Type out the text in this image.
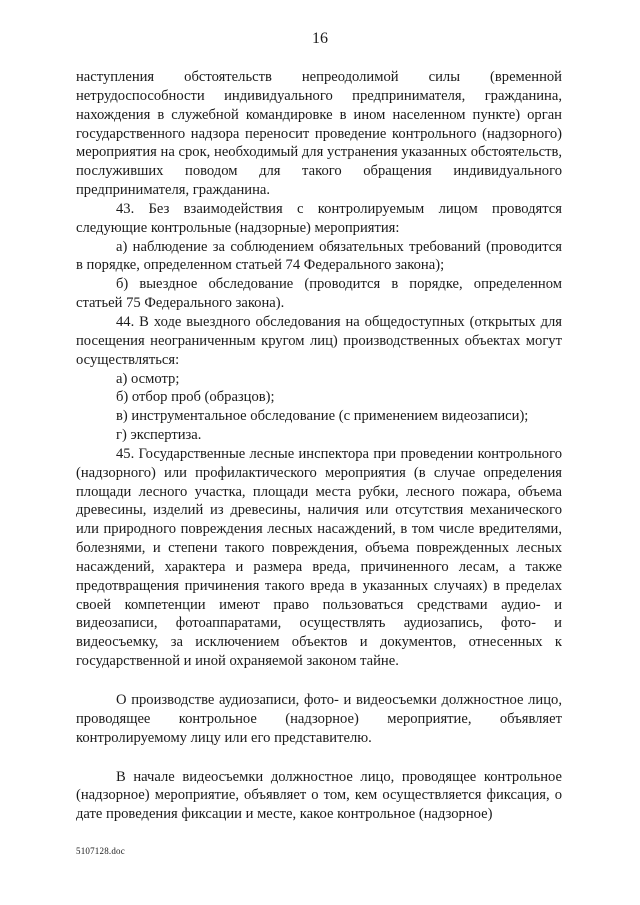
16

наступления обстоятельств непреодолимой силы (временной нетрудоспособности индивидуального предпринимателя, гражданина, нахождения в служебной командировке в ином населенном пункте) орган государственного надзора переносит проведение контрольного (надзорного) мероприятия на срок, необходимый для устранения указанных обстоятельств, послуживших поводом для такого обращения индивидуального предпринимателя, гражданина.

43. Без взаимодействия с контролируемым лицом проводятся следующие контрольные (надзорные) мероприятия:

а) наблюдение за соблюдением обязательных требований (проводится в порядке, определенном статьей 74 Федерального закона);

б) выездное обследование (проводится в порядке, определенном статьей 75 Федерального закона).

44. В ходе выездного обследования на общедоступных (открытых для посещения неограниченным кругом лиц) производственных объектах могут осуществляться:

а) осмотр;

б) отбор проб (образцов);

в) инструментальное обследование (с применением видеозаписи);

г) экспертиза.

45. Государственные лесные инспектора при проведении контрольного (надзорного) или профилактического мероприятия (в случае определения площади лесного участка, площади места рубки, лесного пожара, объема древесины, изделий из древесины, наличия или отсутствия механического или природного повреждения лесных насаждений, в том числе вредителями, болезнями, и степени такого повреждения, объема поврежденных лесных насаждений, характера и размера вреда, причиненного лесам, а также предотвращения причинения такого вреда в указанных случаях) в пределах своей компетенции имеют право пользоваться средствами аудио- и видеозаписи, фотоаппаратами, осуществлять аудиозапись, фото- и видеосъемку, за исключением объектов и документов, отнесенных к государственной и иной охраняемой законом тайне.

О производстве аудиозаписи, фото- и видеосъемки должностное лицо, проводящее контрольное (надзорное) мероприятие, объявляет контролируемому лицу или его представителю.

В начале видеосъемки должностное лицо, проводящее контрольное (надзорное) мероприятие, объявляет о том, кем осуществляется фиксация, о дате проведения фиксации и месте, какое контрольное (надзорное)

5107128.doc
